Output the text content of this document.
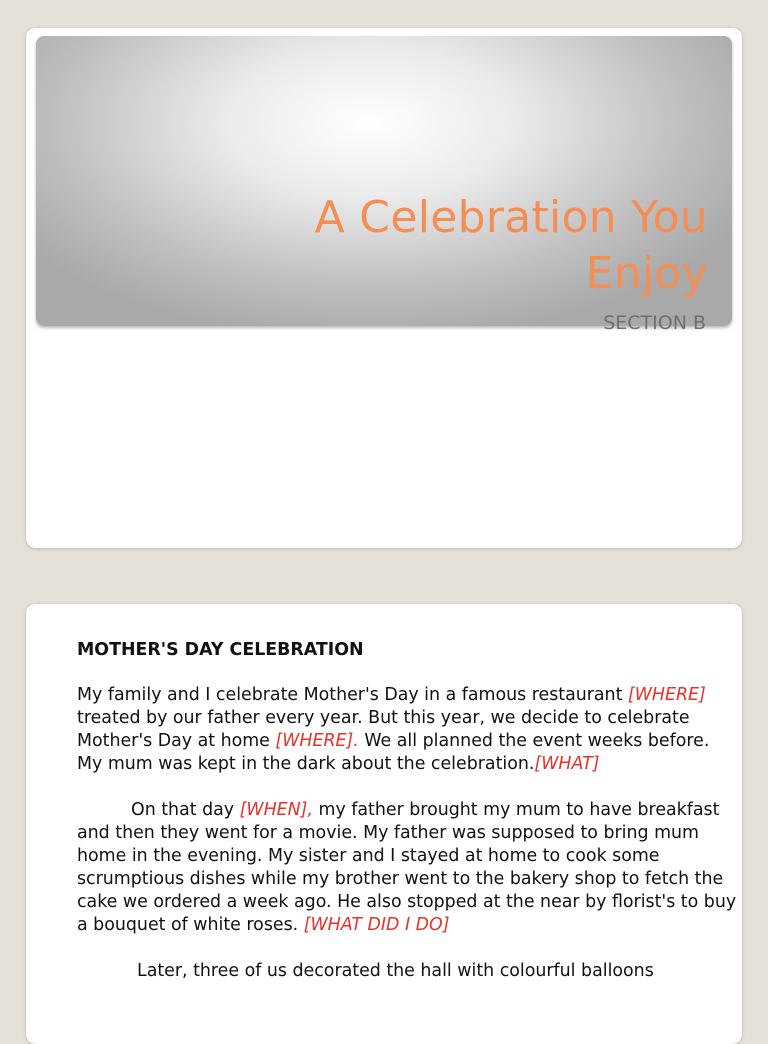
A Celebration You
Enjoy

SECTION B

MOTHER'S DAY CELEBRATION

My family and I celebrate Mother's Day in a famous restaurant [WHERE] treated by our father every year. But this year, we decide to celebrate Mother's Day at home [WHERE]. We all planned the event weeks before. My mum was kept in the dark about the celebration.[WHAT]

On that day [WHEN], my father brought my mum to have breakfast and then they went for a movie. My father was supposed to bring mum home in the evening. My sister and I stayed at home to cook some scrumptious dishes while my brother went to the bakery shop to fetch the cake we ordered a week ago. He also stopped at the near by florist's to buy a bouquet of white roses. [WHAT DID I DO]

Later, three of us decorated the hall with colourful balloons
